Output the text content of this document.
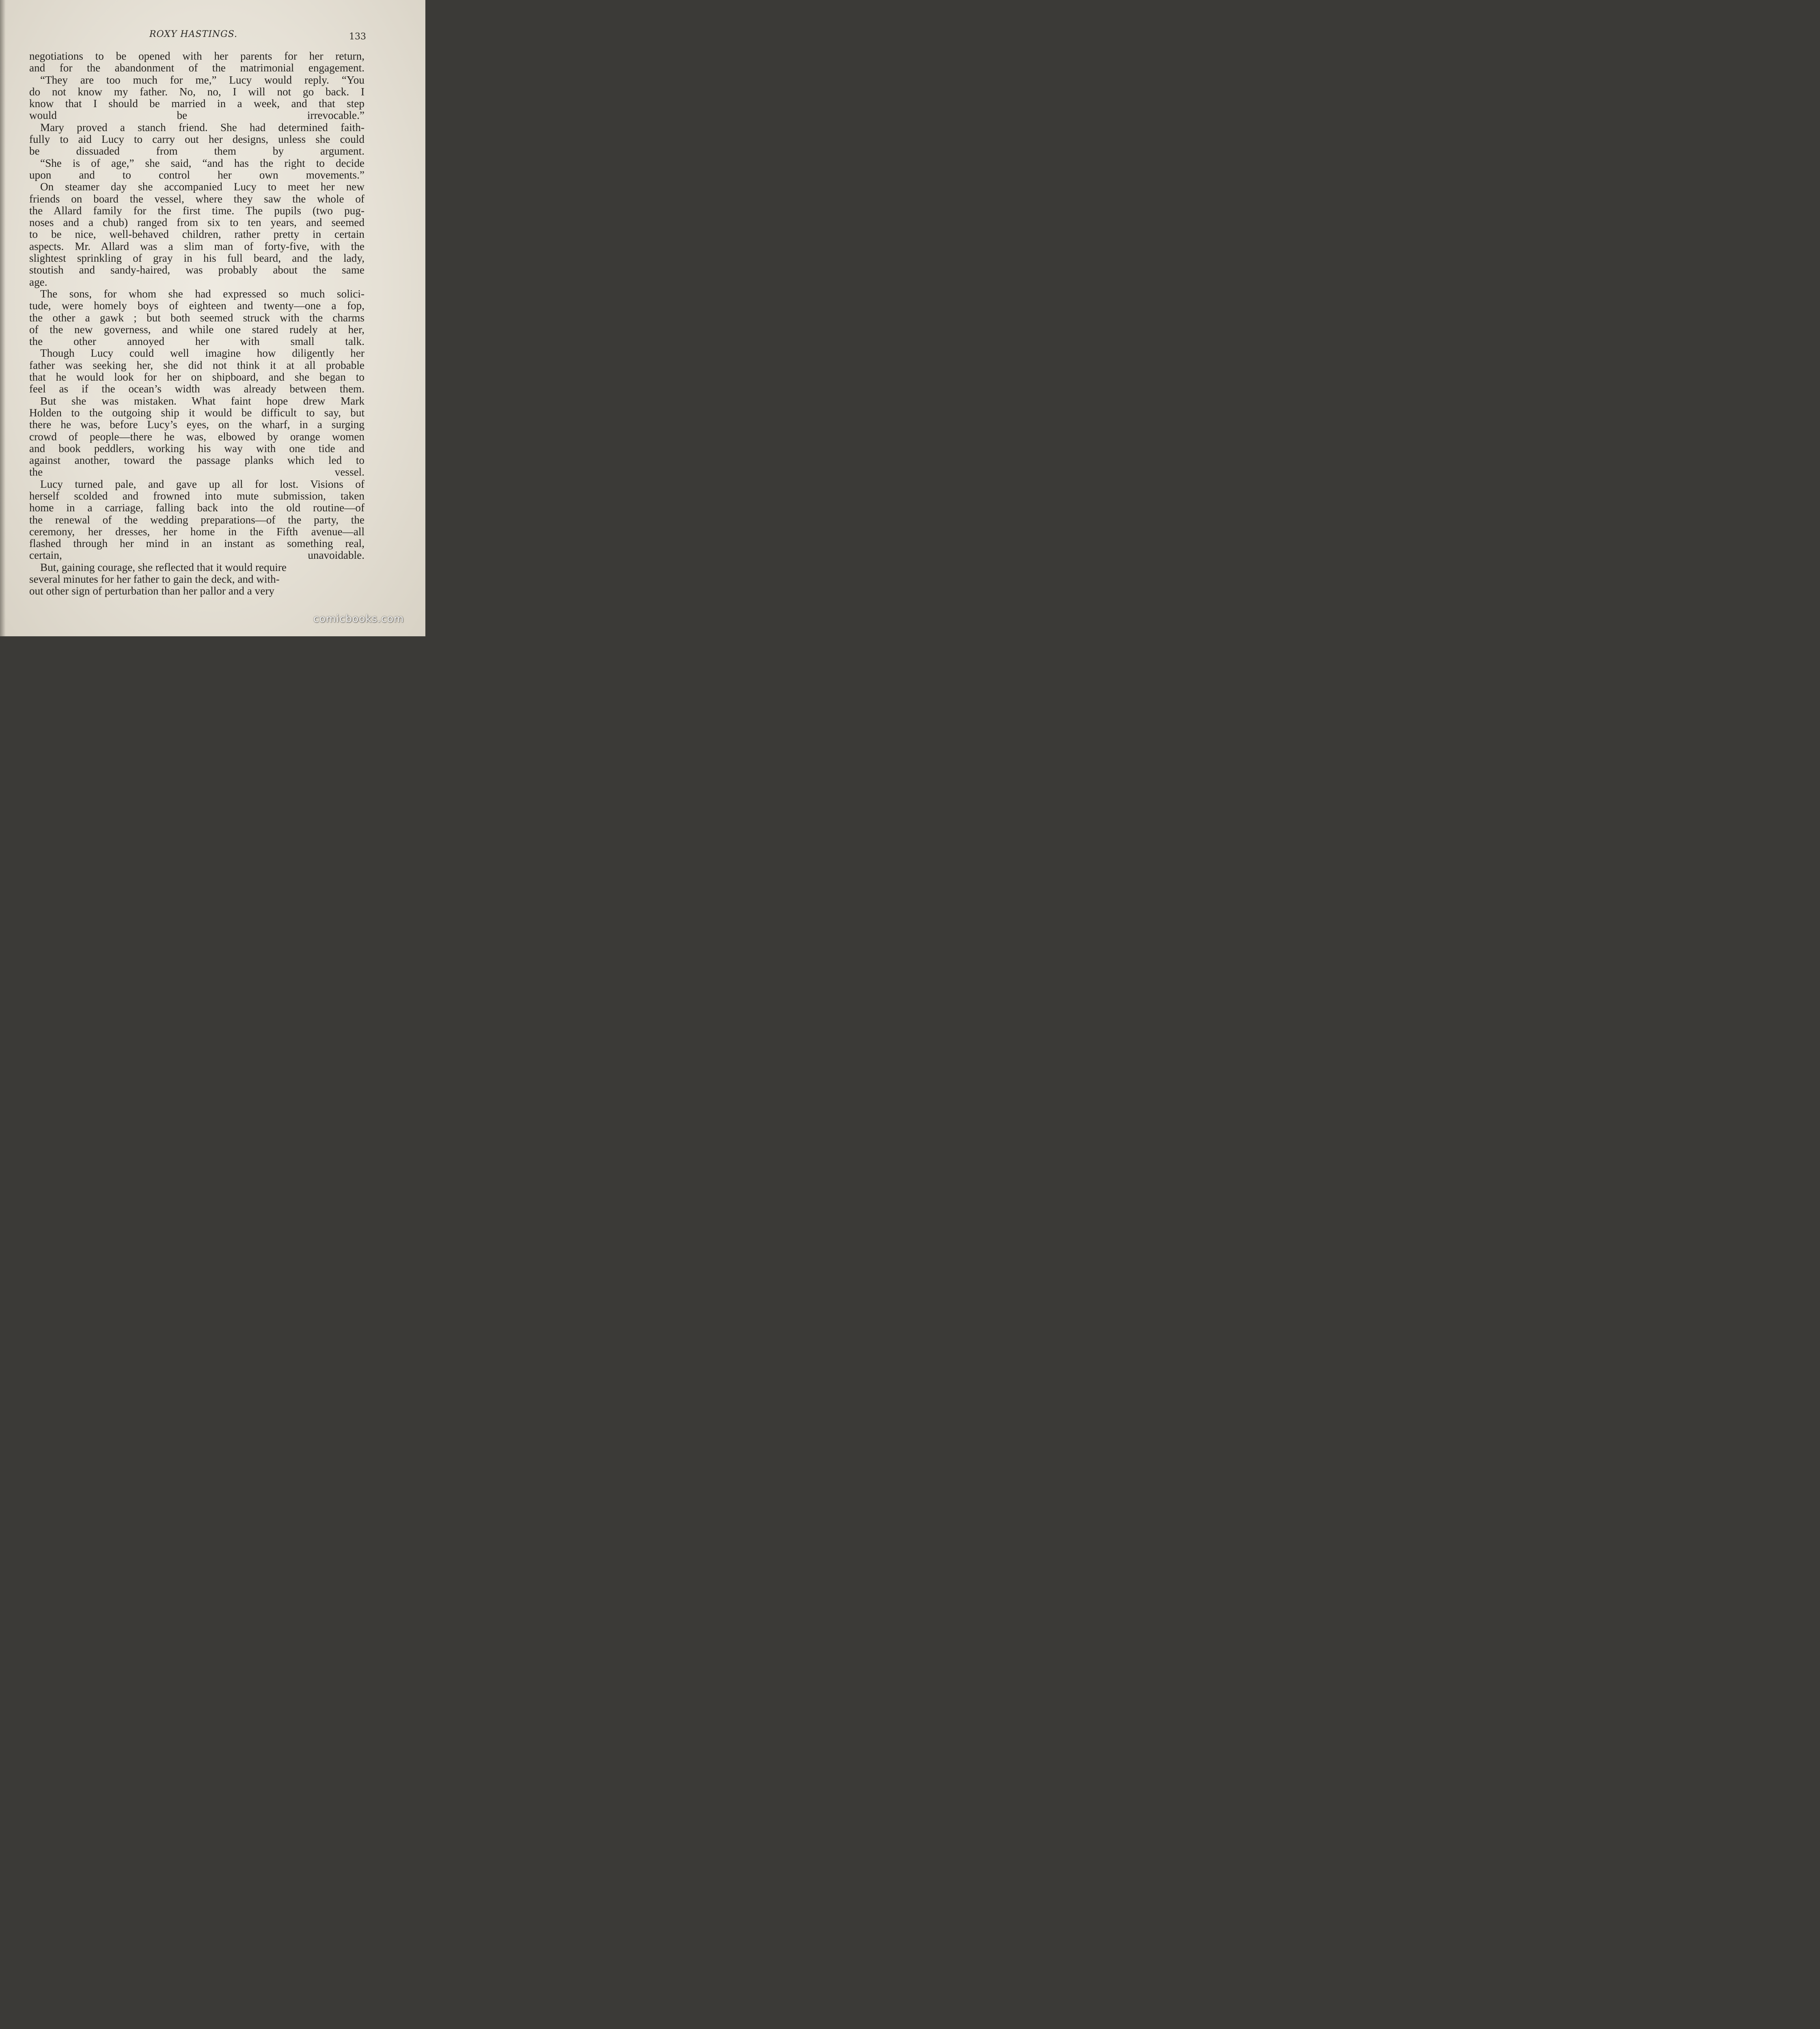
ROXY HASTINGS.	133

negotiations to be opened with her parents for her return,
and for the abandonment of the matrimonial engagement.

“They are too much for me,” Lucy would reply. “You
do not know my father. No, no, I will not go back. I
know that I should be married in a week, and that step
would be irrevocable.”

Mary proved a stanch friend. She had determined faith-
fully to aid Lucy to carry out her designs, unless she could
be dissuaded from them by argument.

“She is of age,” she said, “and has the right to decide
upon and to control her own movements.”

On steamer day she accompanied Lucy to meet her new
friends on board the vessel, where they saw the whole of
the Allard family for the first time. The pupils (two pug-
noses and a chub) ranged from six to ten years, and seemed
to be nice, well-behaved children, rather pretty in certain
aspects. Mr. Allard was a slim man of forty-five, with the
slightest sprinkling of gray in his full beard, and the lady,
stoutish and sandy-haired, was probably about the same
age.

The sons, for whom she had expressed so much solici-
tude, were homely boys of eighteen and twenty—one a fop,
the other a gawk ; but both seemed struck with the charms
of the new governess, and while one stared rudely at her,
the other annoyed her with small talk.

Though Lucy could well imagine how diligently her
father was seeking her, she did not think it at all probable
that he would look for her on shipboard, and she began to
feel as if the ocean’s width was already between them.

But she was mistaken. What faint hope drew Mark
Holden to the outgoing ship it would be difficult to say, but
there he was, before Lucy’s eyes, on the wharf, in a surging
crowd of people—there he was, elbowed by orange women
and book peddlers, working his way with one tide and
against another, toward the passage planks which led to
the vessel.

Lucy turned pale, and gave up all for lost. Visions of
herself scolded and frowned into mute submission, taken
home in a carriage, falling back into the old routine—of
the renewal of the wedding preparations—of the party, the
ceremony, her dresses, her home in the Fifth avenue—all
flashed through her mind in an instant as something real,
certain, unavoidable.

But, gaining courage, she reflected that it would require
several minutes for her father to gain the deck, and with-
out other sign of perturbation than her pallor and a very

comicbooks.com
